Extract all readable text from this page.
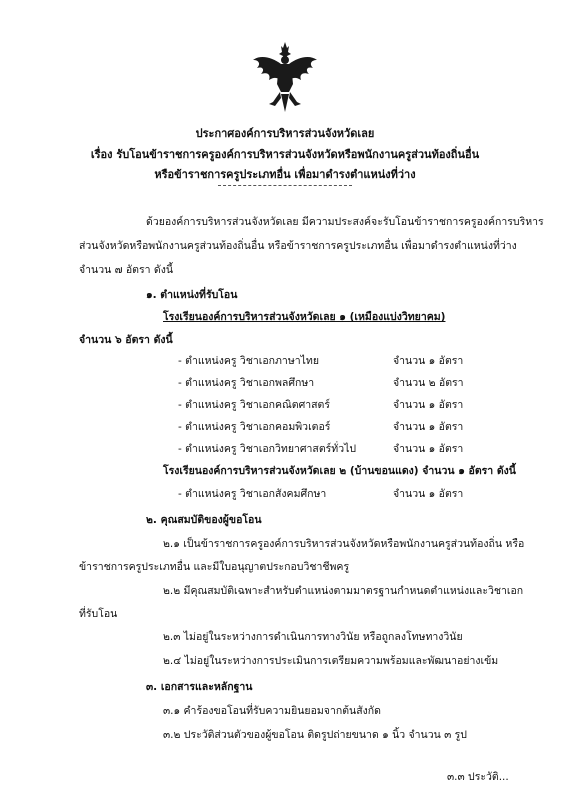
ประกาศองค์การบริหารส่วนจังหวัดเลย
เรื่อง รับโอนข้าราชการครูองค์การบริหารส่วนจังหวัดหรือพนักงานครูส่วนท้องถิ่นอื่น
หรือข้าราชการครูประเภทอื่น เพื่อมาดำรงตำแหน่งที่ว่าง
ด้วยองค์การบริหารส่วนจังหวัดเลย มีความประสงค์จะรับโอนข้าราชการครูองค์การบริหาร
ส่วนจังหวัดหรือพนักงานครูส่วนท้องถิ่นอื่น หรือข้าราชการครูประเภทอื่น เพื่อมาดำรงตำแหน่งที่ว่าง
จำนวน ๗ อัตรา ดังนี้
๑. ตำแหน่งที่รับโอน
โรงเรียนองค์การบริหารส่วนจังหวัดเลย ๑ (เหมืองแบ่งวิทยาคม)
จำนวน ๖ อัตรา ดังนี้
- ตำแหน่งครู วิชาเอกภาษาไทย	จำนวน ๑ อัตรา
- ตำแหน่งครู วิชาเอกพลศึกษา	จำนวน ๒ อัตรา
- ตำแหน่งครู วิชาเอกคณิตศาสตร์	จำนวน ๑ อัตรา
- ตำแหน่งครู วิชาเอกคอมพิวเตอร์	จำนวน ๑ อัตรา
- ตำแหน่งครู วิชาเอกวิทยาศาสตร์ทั่วไป	จำนวน ๑ อัตรา
โรงเรียนองค์การบริหารส่วนจังหวัดเลย ๒ (บ้านขอนแดง) จำนวน ๑ อัตรา ดังนี้
- ตำแหน่งครู วิชาเอกสังคมศึกษา	จำนวน ๑ อัตรา
๒. คุณสมบัติของผู้ขอโอน
๒.๑ เป็นข้าราชการครูองค์การบริหารส่วนจังหวัดหรือพนักงานครูส่วนท้องถิ่น หรือ
ข้าราชการครูประเภทอื่น และมีใบอนุญาตประกอบวิชาชีพครู
๒.๒ มีคุณสมบัติเฉพาะสำหรับตำแหน่งตามมาตรฐานกำหนดตำแหน่งและวิชาเอก
ที่รับโอน
๒.๓ ไม่อยู่ในระหว่างการดำเนินการทางวินัย หรือถูกลงโทษทางวินัย
๒.๔ ไม่อยู่ในระหว่างการประเมินการเตรียมความพร้อมและพัฒนาอย่างเข้ม
๓. เอกสารและหลักฐาน
๓.๑ คำร้องขอโอนที่รับความยินยอมจากต้นสังกัด
๓.๒ ประวัติส่วนตัวของผู้ขอโอน ติดรูปถ่ายขนาด ๑ นิ้ว จำนวน ๓ รูป
๓.๓ ประวัติ...
